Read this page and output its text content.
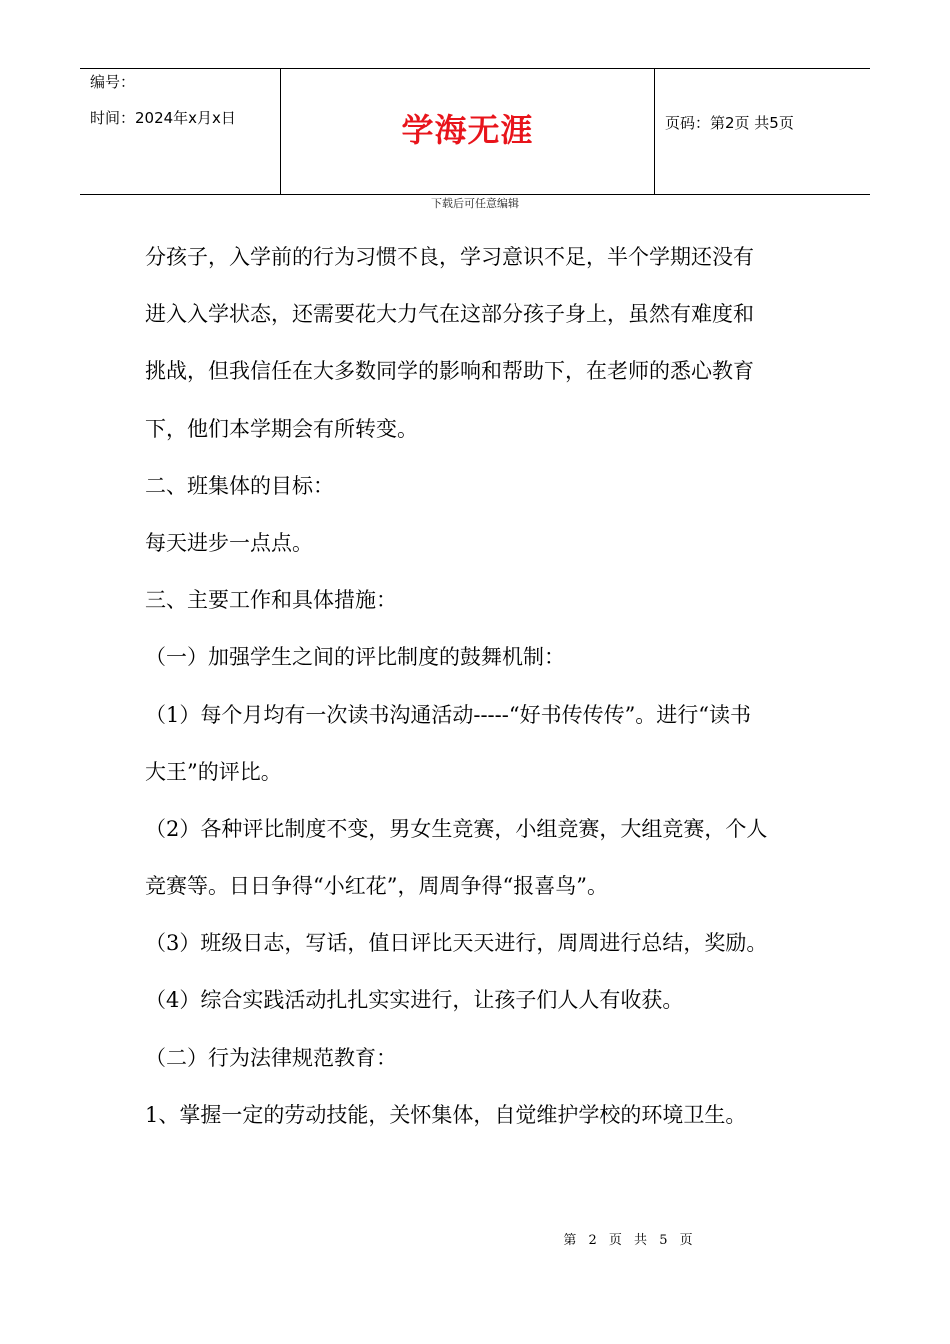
编号：
时间：2024年x月x日	学海无涯	页码：第2页 共5页
下载后可任意编辑

分孩子，入学前的行为习惯不良，学习意识不足，半个学期还没有

进入入学状态，还需要花大力气在这部分孩子身上，虽然有难度和

挑战，但我信任在大多数同学的影响和帮助下，在老师的悉心教育

下，他们本学期会有所转变。

二、班集体的目标：

每天进步一点点。

三、主要工作和具体措施：

（一）加强学生之间的评比制度的鼓舞机制：

（1）每个月均有一次读书沟通活动-----“好书传传传”。进行“读书

大王”的评比。

（2）各种评比制度不变，男女生竞赛，小组竞赛，大组竞赛，个人

竞赛等。日日争得“小红花”，周周争得“报喜鸟”。

（3）班级日志，写话，值日评比天天进行，周周进行总结，奖励。

（4）综合实践活动扎扎实实进行，让孩子们人人有收获。

（二）行为法律规范教育：

1、掌握一定的劳动技能，关怀集体，自觉维护学校的环境卫生。

第 2 页 共 5 页
